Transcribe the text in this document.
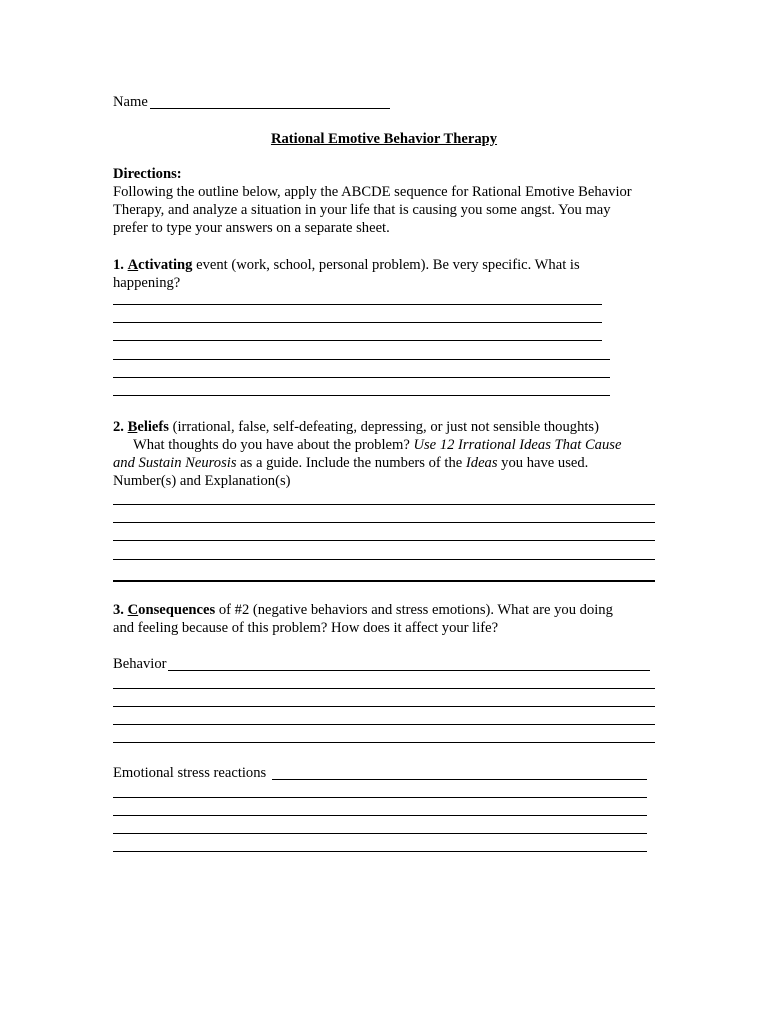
Name
Rational Emotive Behavior Therapy
Directions:
Following the outline below, apply the ABCDE sequence for Rational Emotive Behavior
Therapy, and analyze a situation in your life that is causing you some angst. You may
prefer to type your answers on a separate sheet.
1. Activating event (work, school, personal problem). Be very specific. What is
happening?
2. Beliefs (irrational, false, self-defeating, depressing, or just not sensible thoughts)
What thoughts do you have about the problem? Use 12 Irrational Ideas That Cause
and Sustain Neurosis as a guide. Include the numbers of the Ideas you have used.
Number(s) and Explanation(s)
3. Consequences of #2 (negative behaviors and stress emotions). What are you doing
and feeling because of this problem? How does it affect your life?
Behavior
Emotional stress reactions
